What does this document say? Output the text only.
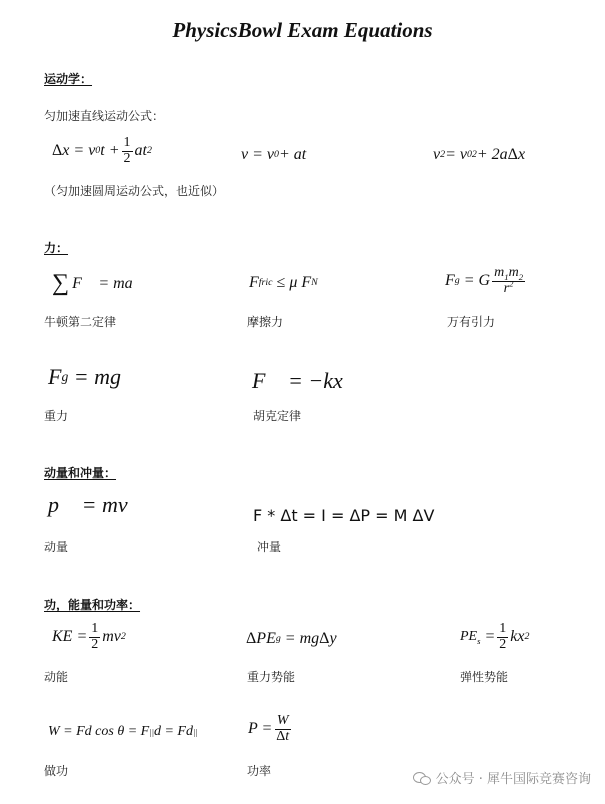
PhysicsBowl Exam Equations
运动学：
匀加速直线运动公式：
Δ x = v 0 $t + \frac{1}{2}$ at 2	v = v 0 + at	v 2 = v 0 2 + 2a Δ x
（匀加速圆周运动公式，也近似）
力：
∑ F⃗ = ma⃗	F fric ≤ μ F N	F g = G $\frac{m_1m_2}{r^2}$
牛顿第二定律	摩擦力	万有引力
F g = mg	F⃗ = −kx⃗
重力	胡克定律
动量和冲量：
p⃗ = mv⃗	F * Δt = I = ΔP = M ΔV
动量	冲量
功，能量和功率：
KE = $\frac{1}{2}$ mv 2	Δ PE g = mg Δ y	$PE_s = \frac{1}{2}$ kx 2
动能	重力势能	弹性势能
W = Fd cos θ = F || d = Fd ||	$P = \frac{W}{\Delta t}$
做功	功率
公众号 · 犀牛国际竞赛咨询
